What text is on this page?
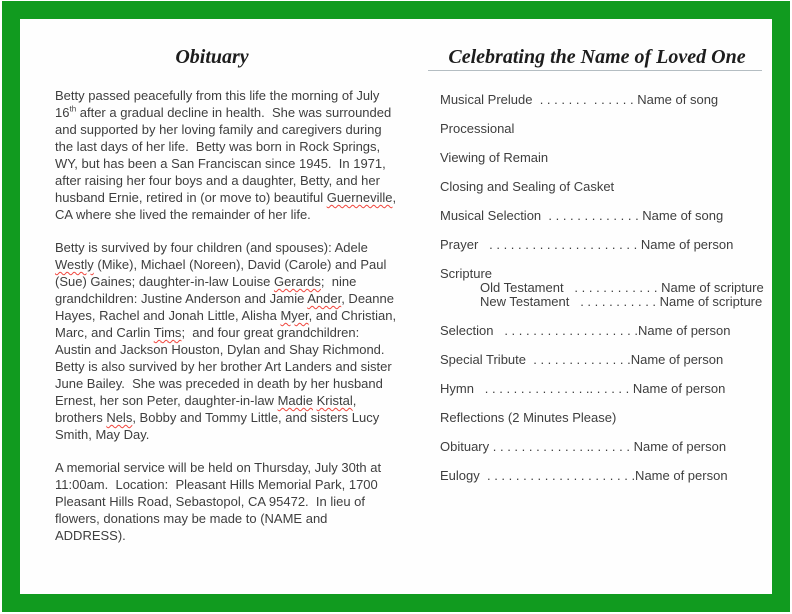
Obituary

Betty passed peacefully from this life the morning of July 16th after a gradual decline in health.  She was surrounded and supported by her loving family and caregivers during the last days of her life.  Betty was born in Rock Springs, WY, but has been a San Franciscan since 1945.  In 1971, after raising her four boys and a daughter, Betty, and her husband Ernie, retired in (or move to) beautiful Guerneville, CA where she lived the remainder of her life.

Betty is survived by four children (and spouses): Adele Westly (Mike), Michael (Noreen), David (Carole) and Paul (Sue) Gaines; daughter-in-law Louise Gerards;  nine grandchildren: Justine Anderson and Jamie Ander, Deanne Hayes, Rachel and Jonah Little, Alisha Myer, and Christian, Marc, and Carlin Tims;  and four great grandchildren:  Austin and Jackson Houston, Dylan and Shay Richmond.  Betty is also survived by her brother Art Landers and sister June Bailey.  She was preceded in death by her husband Ernest, her son Peter, daughter-in-law Madie Kristal, brothers Nels, Bobby and Tommy Little, and sisters Lucy Smith, May Day.

A memorial service will be held on Thursday, July 30th at 11:00am.  Location:  Pleasant Hills Memorial Park, 1700 Pleasant Hills Road, Sebastopol, CA 95472.  In lieu of flowers, donations may be made to (NAME and ADDRESS).

Celebrating the Name of Loved One
Musical Prelude  . . . . . . .  . . . . . . Name of song
Processional
Viewing of Remain
Closing and Sealing of Casket
Musical Selection  . . . . . . . . . . . . . Name of song
Prayer   . . . . . . . . . . . . . . . . . . . . . Name of person
Scripture
Old Testament   . . . . . . . . . . . . Name of scripture
New Testament   . . . . . . . . . . . Name of scripture
Selection   . . . . . . . . . . . . . . . . . . .Name of person
Special Tribute  . . . . . . . . . . . . . .Name of person
Hymn   . . . . . . . . . . . . . . .. . . . . . Name of person
Reflections (2 Minutes Please)
Obituary . . . . . . . . . . . . . .. . . . . . Name of person
Eulogy  . . . . . . . . . . . . . . . . . . . . .Name of person
